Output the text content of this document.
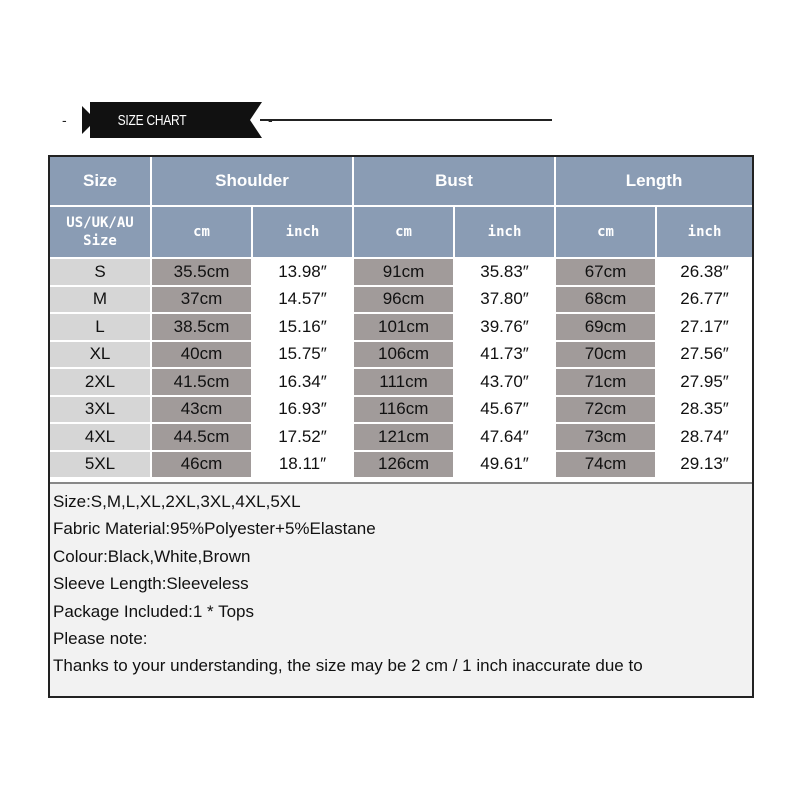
-	SIZE CHART
Size	Shoulder		Bust		Length	

US/UK/AU
Size	cm	inch	cm	inch	cm	inch
S	35.5cm	13.98″	91cm	35.83″	67cm	26.38″
M	37cm	14.57″	96cm	37.80″	68cm	26.77″
L	38.5cm	15.16″	101cm	39.76″	69cm	27.17″
XL	40cm	15.75″	106cm	41.73″	70cm	27.56″
2XL	41.5cm	16.34″	111cm	43.70″	71cm	27.95″
3XL	43cm	16.93″	116cm	45.67″	72cm	28.35″
4XL	44.5cm	17.52″	121cm	47.64″	73cm	28.74″
5XL	46cm	18.11″	126cm	49.61″	74cm	29.13″
Size:S,M,L,XL,2XL,3XL,4XL,5XL
Fabric Material:95%Polyester+5%Elastane
Colour:Black,White,Brown
Sleeve Length:Sleeveless
Package Included:1 * Tops
Please note:
Thanks to your understanding, the size may be 2 cm / 1 inch inaccurate due to
